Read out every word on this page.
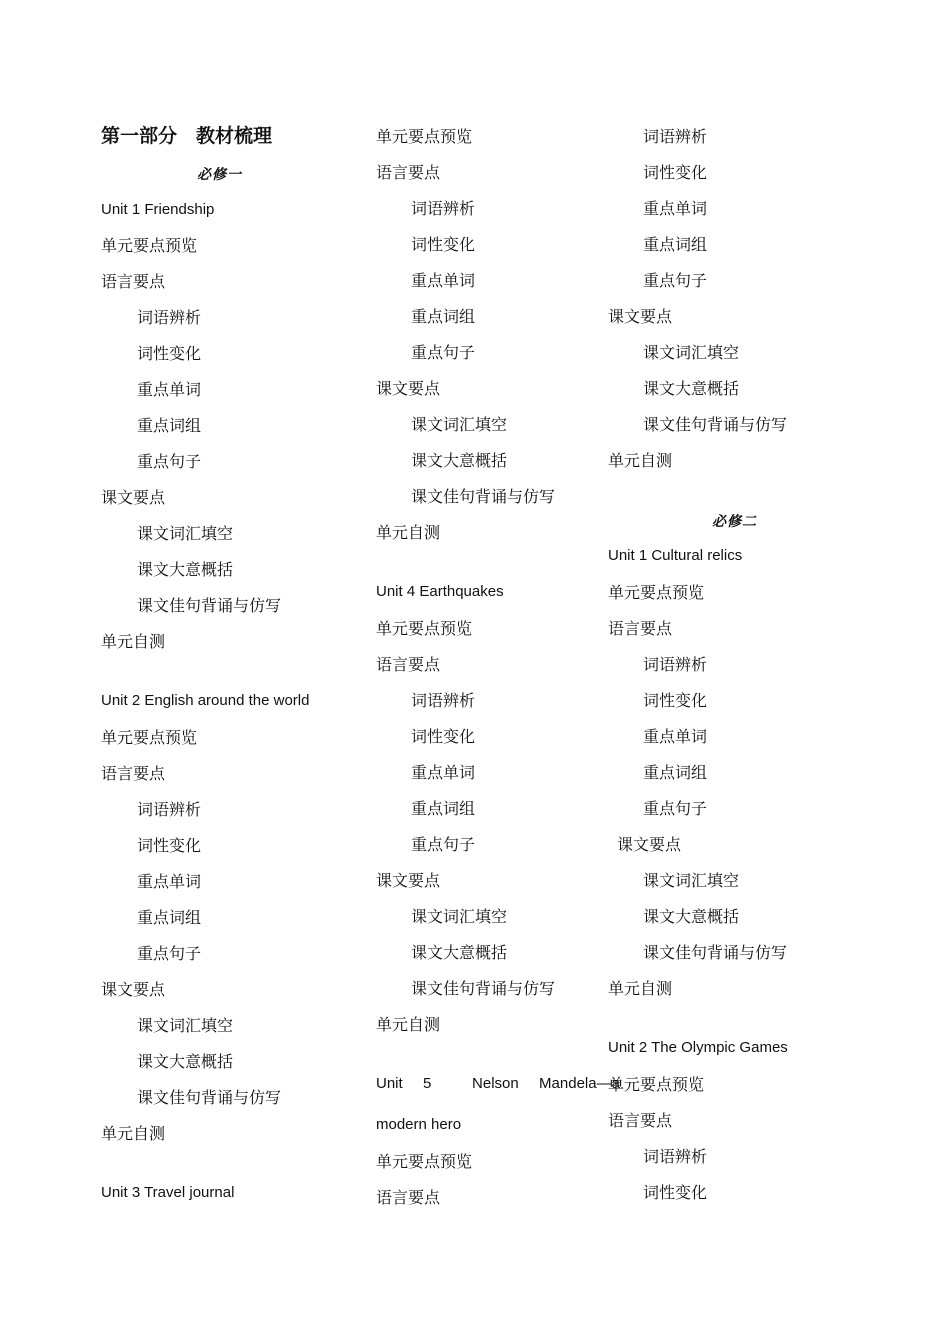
第一部分　教材梳理
必修一
Unit 1 Friendship
单元要点预览
语言要点
词语辨析
词性变化
重点单词
重点词组
重点句子
课文要点
课文词汇填空
课文大意概括
课文佳句背诵与仿写
单元自测
Unit 2 English around the world
单元要点预览
语言要点
词语辨析
词性变化
重点单词
重点词组
重点句子
课文要点
课文词汇填空
课文大意概括
课文佳句背诵与仿写
单元自测
Unit 3 Travel journal
单元要点预览
语言要点
词语辨析
词性变化
重点单词
重点词组
重点句子
课文要点
课文词汇填空
课文大意概括
课文佳句背诵与仿写
单元自测
Unit 4 Earthquakes
单元要点预览
语言要点
词语辨析
词性变化
重点单词
重点词组
重点句子
课文要点
课文词汇填空
课文大意概括
课文佳句背诵与仿写
单元自测
Unit  5    Nelson  Mandela—a
modern hero
单元要点预览
语言要点
词语辨析
词性变化
重点单词
重点词组
重点句子
课文要点
课文词汇填空
课文大意概括
课文佳句背诵与仿写
单元自测
必修二
Unit 1 Cultural relics
单元要点预览
语言要点
词语辨析
词性变化
重点单词
重点词组
重点句子
课文要点
课文词汇填空
课文大意概括
课文佳句背诵与仿写
单元自测
Unit 2 The Olympic Games
单元要点预览
语言要点
词语辨析
词性变化
